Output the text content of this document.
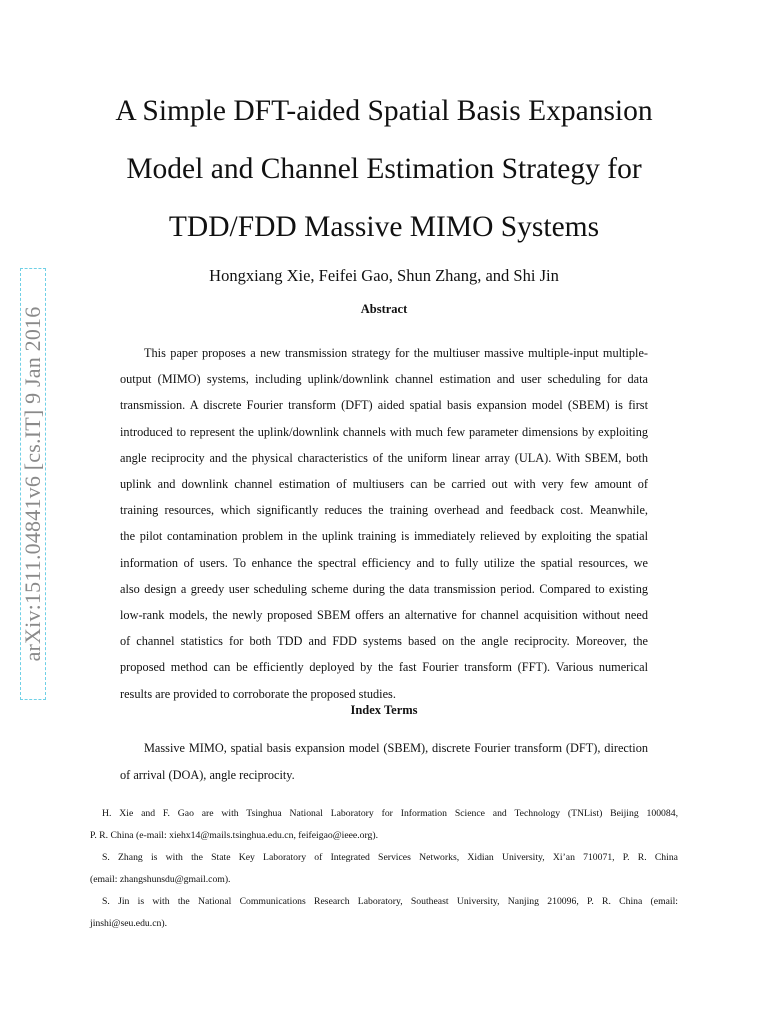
arXiv:1511.04841v6 [cs.IT] 9 Jan 2016
A Simple DFT-aided Spatial Basis Expansion
Model and Channel Estimation Strategy for
TDD/FDD Massive MIMO Systems

Hongxiang Xie, Feifei Gao, Shun Zhang, and Shi Jin

Abstract

This paper proposes a new transmission strategy for the multiuser massive multiple-input multiple-
output (MIMO) systems, including uplink/downlink channel estimation and user scheduling for data
transmission. A discrete Fourier transform (DFT) aided spatial basis expansion model (SBEM) is first
introduced to represent the uplink/downlink channels with much few parameter dimensions by exploiting
angle reciprocity and the physical characteristics of the uniform linear array (ULA). With SBEM, both
uplink and downlink channel estimation of multiusers can be carried out with very few amount of
training resources, which significantly reduces the training overhead and feedback cost. Meanwhile,
the pilot contamination problem in the uplink training is immediately relieved by exploiting the spatial
information of users. To enhance the spectral efficiency and to fully utilize the spatial resources, we
also design a greedy user scheduling scheme during the data transmission period. Compared to existing
low-rank models, the newly proposed SBEM offers an alternative for channel acquisition without need
of channel statistics for both TDD and FDD systems based on the angle reciprocity. Moreover, the
proposed method can be efficiently deployed by the fast Fourier transform (FFT). Various numerical
results are provided to corroborate the proposed studies.

Index Terms

Massive MIMO, spatial basis expansion model (SBEM), discrete Fourier transform (DFT), direction
of arrival (DOA), angle reciprocity.

H. Xie and F. Gao are with Tsinghua National Laboratory for Information Science and Technology (TNList) Beijing 100084,
P. R. China (e-mail: xiehx14@mails.tsinghua.edu.cn, feifeigao@ieee.org).
S. Zhang is with the State Key Laboratory of Integrated Services Networks, Xidian University, Xi’an 710071, P. R. China
(email: zhangshunsdu@gmail.com).
S. Jin is with the National Communications Research Laboratory, Southeast University, Nanjing 210096, P. R. China (email:
jinshi@seu.edu.cn).
